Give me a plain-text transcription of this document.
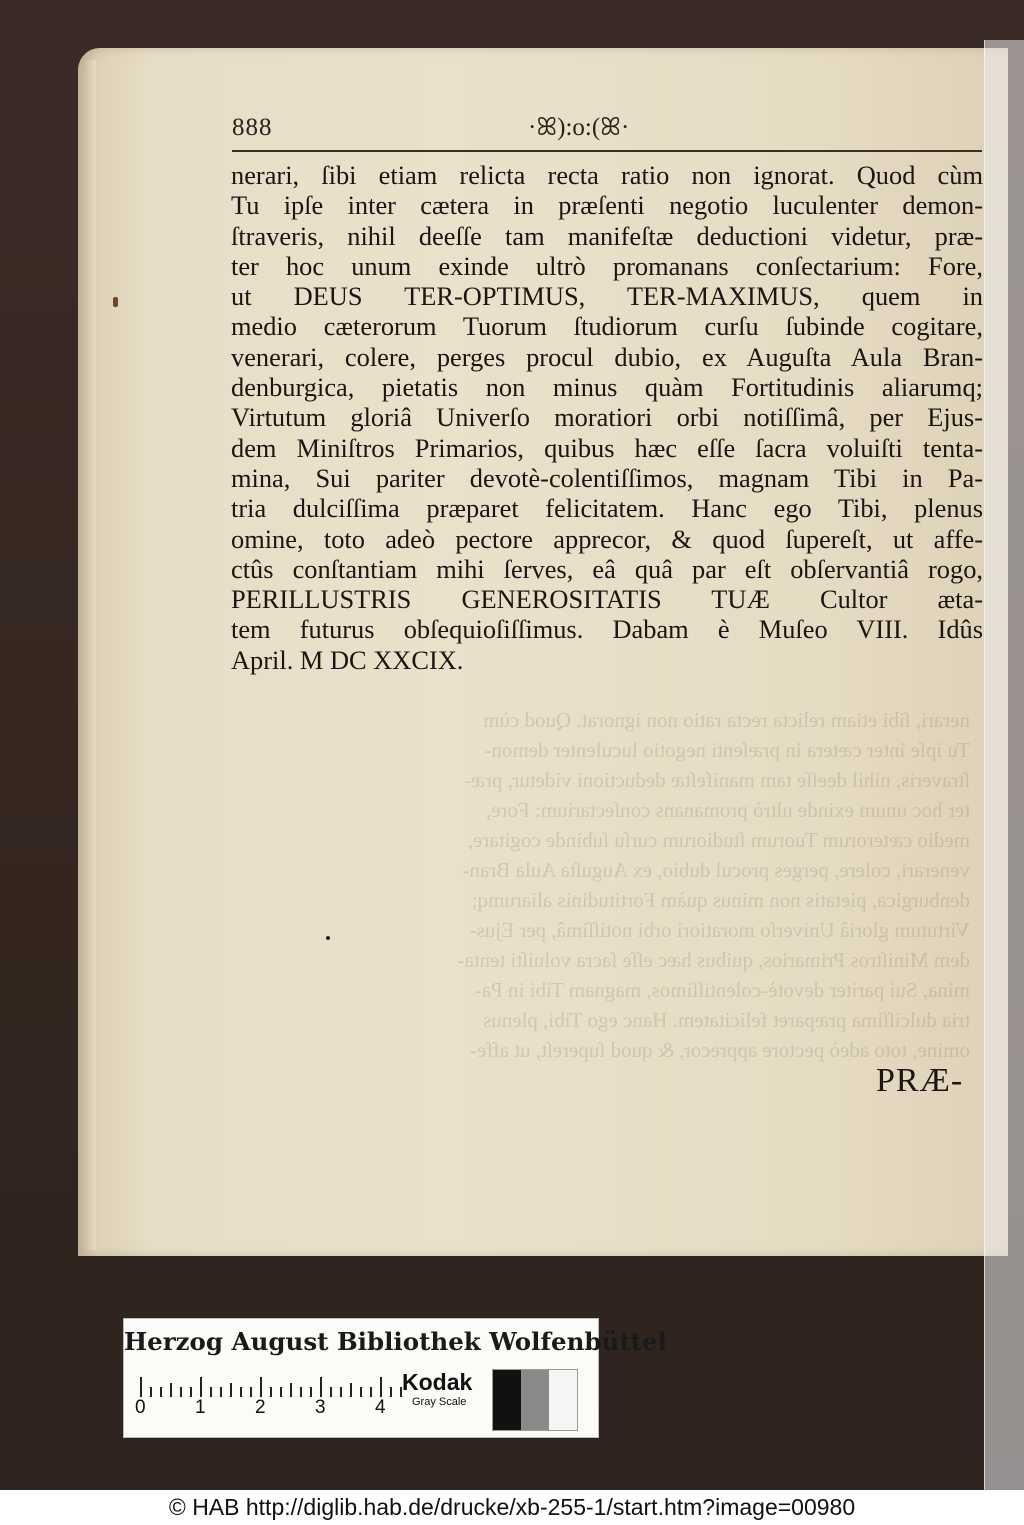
nerari, ſibi etiam relicta recta ratio non ignorat. Quod cùm
Tu ipſe inter cætera in præſenti negotio luculenter demon-
ſtraveris, nihil deeſſe tam manifeſtæ deductioni videtur, præ-
ter hoc unum exinde ultrò promanans conſectarium: Fore,
medio cæterorum Tuorum ſtudiorum curſu ſubinde cogitare,
venerari, colere, perges procul dubio, ex Auguſta Aula Bran-
denburgica, pietatis non minus quàm Fortitudinis aliarumq;
Virtutum gloriâ Univerſo moratiori orbi notiſſimâ, per Ejus-
dem Miniſtros Primarios, quibus hæc eſſe ſacra voluiſti tenta-
mina, Sui pariter devotè-colentiſſimos, magnam Tibi in Pa-
tria dulciſſima præparet felicitatem. Hanc ego Tibi, plenus
omine, toto adeò pectore apprecor, & quod ſupereſt, ut affe-
888	·ꕤ):o:(ꕤ·
nerari, ſibi etiam relicta recta ratio non ignorat. Quod cùm
Tu ipſe inter cætera in præſenti negotio luculenter demon-
ſtraveris, nihil deeſſe tam manifeſtæ deductioni videtur, præ-
ter hoc unum exinde ultrò promanans conſectarium: Fore,
ut DEUS TER-OPTIMUS, TER-MAXIMUS, quem in
medio cæterorum Tuorum ſtudiorum curſu ſubinde cogitare,
venerari, colere, perges procul dubio, ex Auguſta Aula Bran-
denburgica, pietatis non minus quàm Fortitudinis aliarumq;
Virtutum gloriâ Univerſo moratiori orbi notiſſimâ, per Ejus-
dem Miniſtros Primarios, quibus hæc eſſe ſacra voluiſti tenta-
mina, Sui pariter devotè-colentiſſimos, magnam Tibi in Pa-
tria dulciſſima præparet felicitatem. Hanc ego Tibi, plenus
omine, toto adeò pectore apprecor, & quod ſupereſt, ut affe-
ctûs conſtantiam mihi ſerves, eâ quâ par eſt obſervantiâ rogo,
PERILLUSTRIS GENEROSITATIS TUÆ Cultor æta-
tem futurus obſequioſiſſimus. Dabam è Muſeo VIII. Idûs
April. M DC XXCIX.
PRÆ-
Herzog August Bibliothek Wolfenbüttel
0	1	2	3	4
Kodak
Gray Scale
© HAB http://diglib.hab.de/drucke/xb-255-1/start.htm?image=00980
